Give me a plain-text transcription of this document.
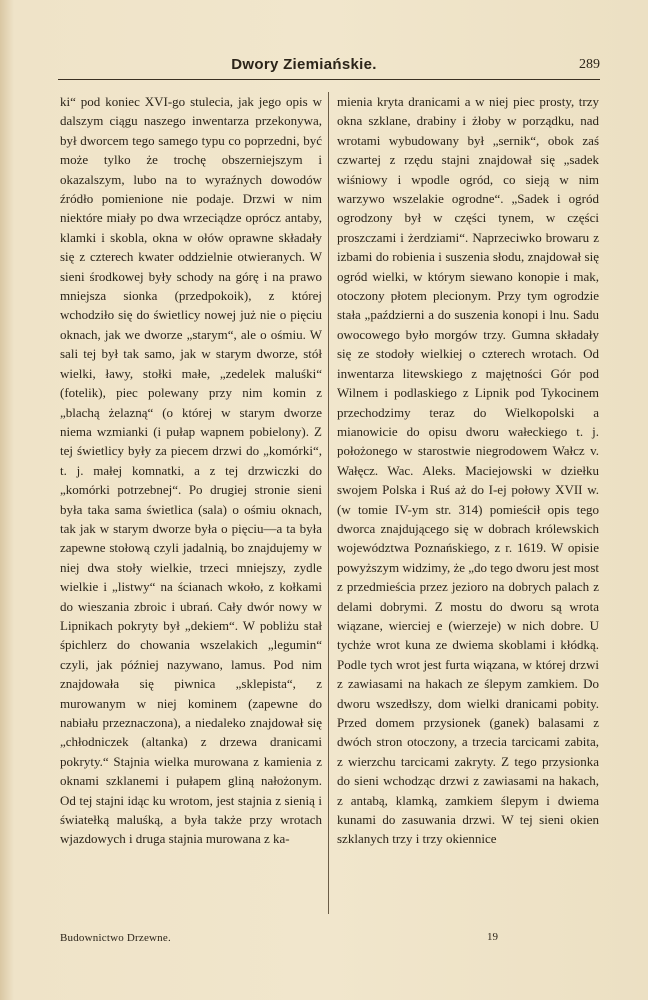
Dwory Ziemiańskie.	289

ki“ pod koniec XVI-go stulecia, jak jego opis w dalszym ciągu naszego inwentarza przekonywa, był dworcem tego samego typu co poprzedni, być może tylko że trochę obszerniejszym i okazalszym, lubo na to wyraźnych dowodów źródło pomienione nie podaje. Drzwi w nim niektóre miały po dwa wrzeciądze oprócz antaby, klamki i skobla, okna w ołów oprawne składały się z czterech kwater oddzielnie otwieranych. W sieni środkowej były schody na górę i na prawo mniejsza sionka (przedpokoik), z której wchodziło się do świetlicy nowej już nie o pięciu oknach, jak we dworze „starym“, ale o ośmiu. W sali tej był tak samo, jak w starym dworze, stół wielki, ławy, stołki małe, „zedelek maluśki“ (fotelik), piec polewany przy nim komin z „blachą żelazną“ (o której w starym dworze niema wzmianki (i pułap wapnem pobielony). Z tej świetlicy były za piecem drzwi do „komórki“, t. j. małej komnatki, a z tej drzwiczki do „komórki potrzebnej“. Po drugiej stronie sieni była taka sama świetlica (sala) o ośmiu oknach, tak jak w starym dworze była o pięciu—a ta była zapewne stołową czyli jadalnią, bo znajdujemy w niej dwa stoły wielkie, trzeci mniejszy, zydle wielkie i „listwy“ na ścianach wkoło, z kołkami do wieszania zbroic i ubrań. Cały dwór nowy w Lipnikach pokryty był „dekiem“. W pobliżu stał śpichlerz do chowania wszelakich „legumin“ czyli, jak później nazywano, lamus. Pod nim znajdowała się piwnica „sklepista“, z murowanym w niej kominem (zapewne do nabiału przeznaczona), a niedaleko znajdował się „chłodniczek (altanka) z drzewa dranicami pokryty.“ Stajnia wielka murowana z kamienia z oknami szklanemi i pułapem gliną nałożonym. Od tej stajni idąc ku wrotom, jest stajnia z sienią i światełką maluśką, a była także przy wrotach wjazdowych i druga stajnia murowana z ka-

mienia kryta dranicami a w niej piec prosty, trzy okna szklane, drabiny i żłoby w porządku, nad wrotami wybudowany był „sernik“, obok zaś czwartej z rzędu stajni znajdował się „sadek wiśniowy i wpodle ogród, co sieją w nim warzywo wszelakie ogrodne“. „Sadek i ogród ogrodzony był w części tynem, w części proszczami i żerdziami“. Naprzeciwko browaru z izbami do robienia i suszenia słodu, znajdował się ogród wielki, w którym siewano konopie i mak, otoczony płotem plecionym. Przy tym ogrodzie stała „październi a do suszenia konopi i lnu. Sadu owocowego było morgów trzy. Gumna składały się ze stodoły wielkiej o czterech wrotach. Od inwentarza litewskiego z majętności Gór pod Wilnem i podlaskiego z Lipnik pod Tykocinem przechodzimy teraz do Wielkopolski a mianowicie do opisu dworu wałeckiego t. j. położonego w starostwie niegrodowem Wałcz v. Wałęcz. Wac. Aleks. Maciejowski w dziełku swojem Polska i Ruś aż do I-ej połowy XVII w. (w tomie IV-ym str. 314) pomieścił opis tego dworca znajdującego się w dobrach królewskich województwa Poznańskiego, z r. 1619. W opisie powyższym widzimy, że „do tego dworu jest most z przedmieścia przez jezioro na dobrych palach z delami dobrymi. Z mostu do dworu są wrota wiązane, wierciej e (wierzeje) w nich dobre. U tychże wrot kuna ze dwiema skoblami i kłódką. Podle tych wrot jest furta wiązana, w której drzwi z zawiasami na hakach ze ślepym zamkiem. Do dworu wszedłszy, dom wielki dranicami pobity. Przed domem przysionek (ganek) balasami z dwóch stron otoczony, a trzecia tarcicami zabita, z wierzchu tarcicami zakryty. Z tego przysionka do sieni wchodząc drzwi z zawiasami na hakach, z antabą, klamką, zamkiem ślepym i dwiema kunami do zasuwania drzwi. W tej sieni okien szklanych trzy i trzy okiennice

Budownictwo Drzewne.	19
